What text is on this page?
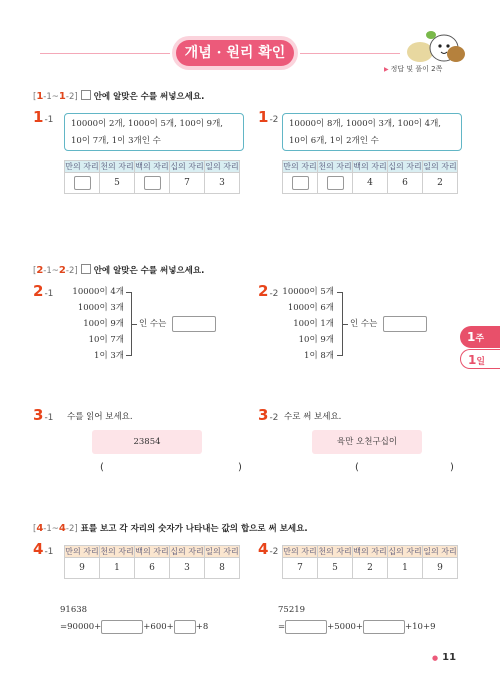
개념 · 원리 확인
▶ 정답 및 풀이 2쪽
[1-1~1-2] 안에 알맞은 수를 써넣으세요.
1-1 10000이 2개, 1000이 5개, 100이 9개,
10이 7개, 1이 3개인 수
만의 자리	천의 자리	백의 자리	십의 자리	일의 자리
	5		7	3
1-2 10000이 8개, 1000이 3개, 100이 4개,
10이 6개, 1이 2개인 수
만의 자리	천의 자리	백의 자리	십의 자리	일의 자리
		4	6	2
[2-1~2-2] 안에 알맞은 수를 써넣으세요.
2-1	10000이 4개
1000이 3개
100이 9개
10이 7개
1이 3개
인 수는
2-2 10000이 5개
1000이 6개
100이 1개
10이 9개
1이 8개
인 수는
1주
1일
3-1 수를 읽어 보세요.
23854
(	)
3-2 수로 써 보세요.
육만 오천구십이
(	)
[4-1~4-2] 표를 보고 각 자리의 숫자가 나타내는 값의 합으로 써 보세요.
4-1 만의 자리	천의 자리	백의 자리	십의 자리	일의 자리
9	1	6	3	8
91638
=90000+	+600+	+8
4-2 만의 자리	천의 자리	백의 자리	십의 자리	일의 자리
7	5	2	1	9
75219
=	+5000+	+10+9
● 11
